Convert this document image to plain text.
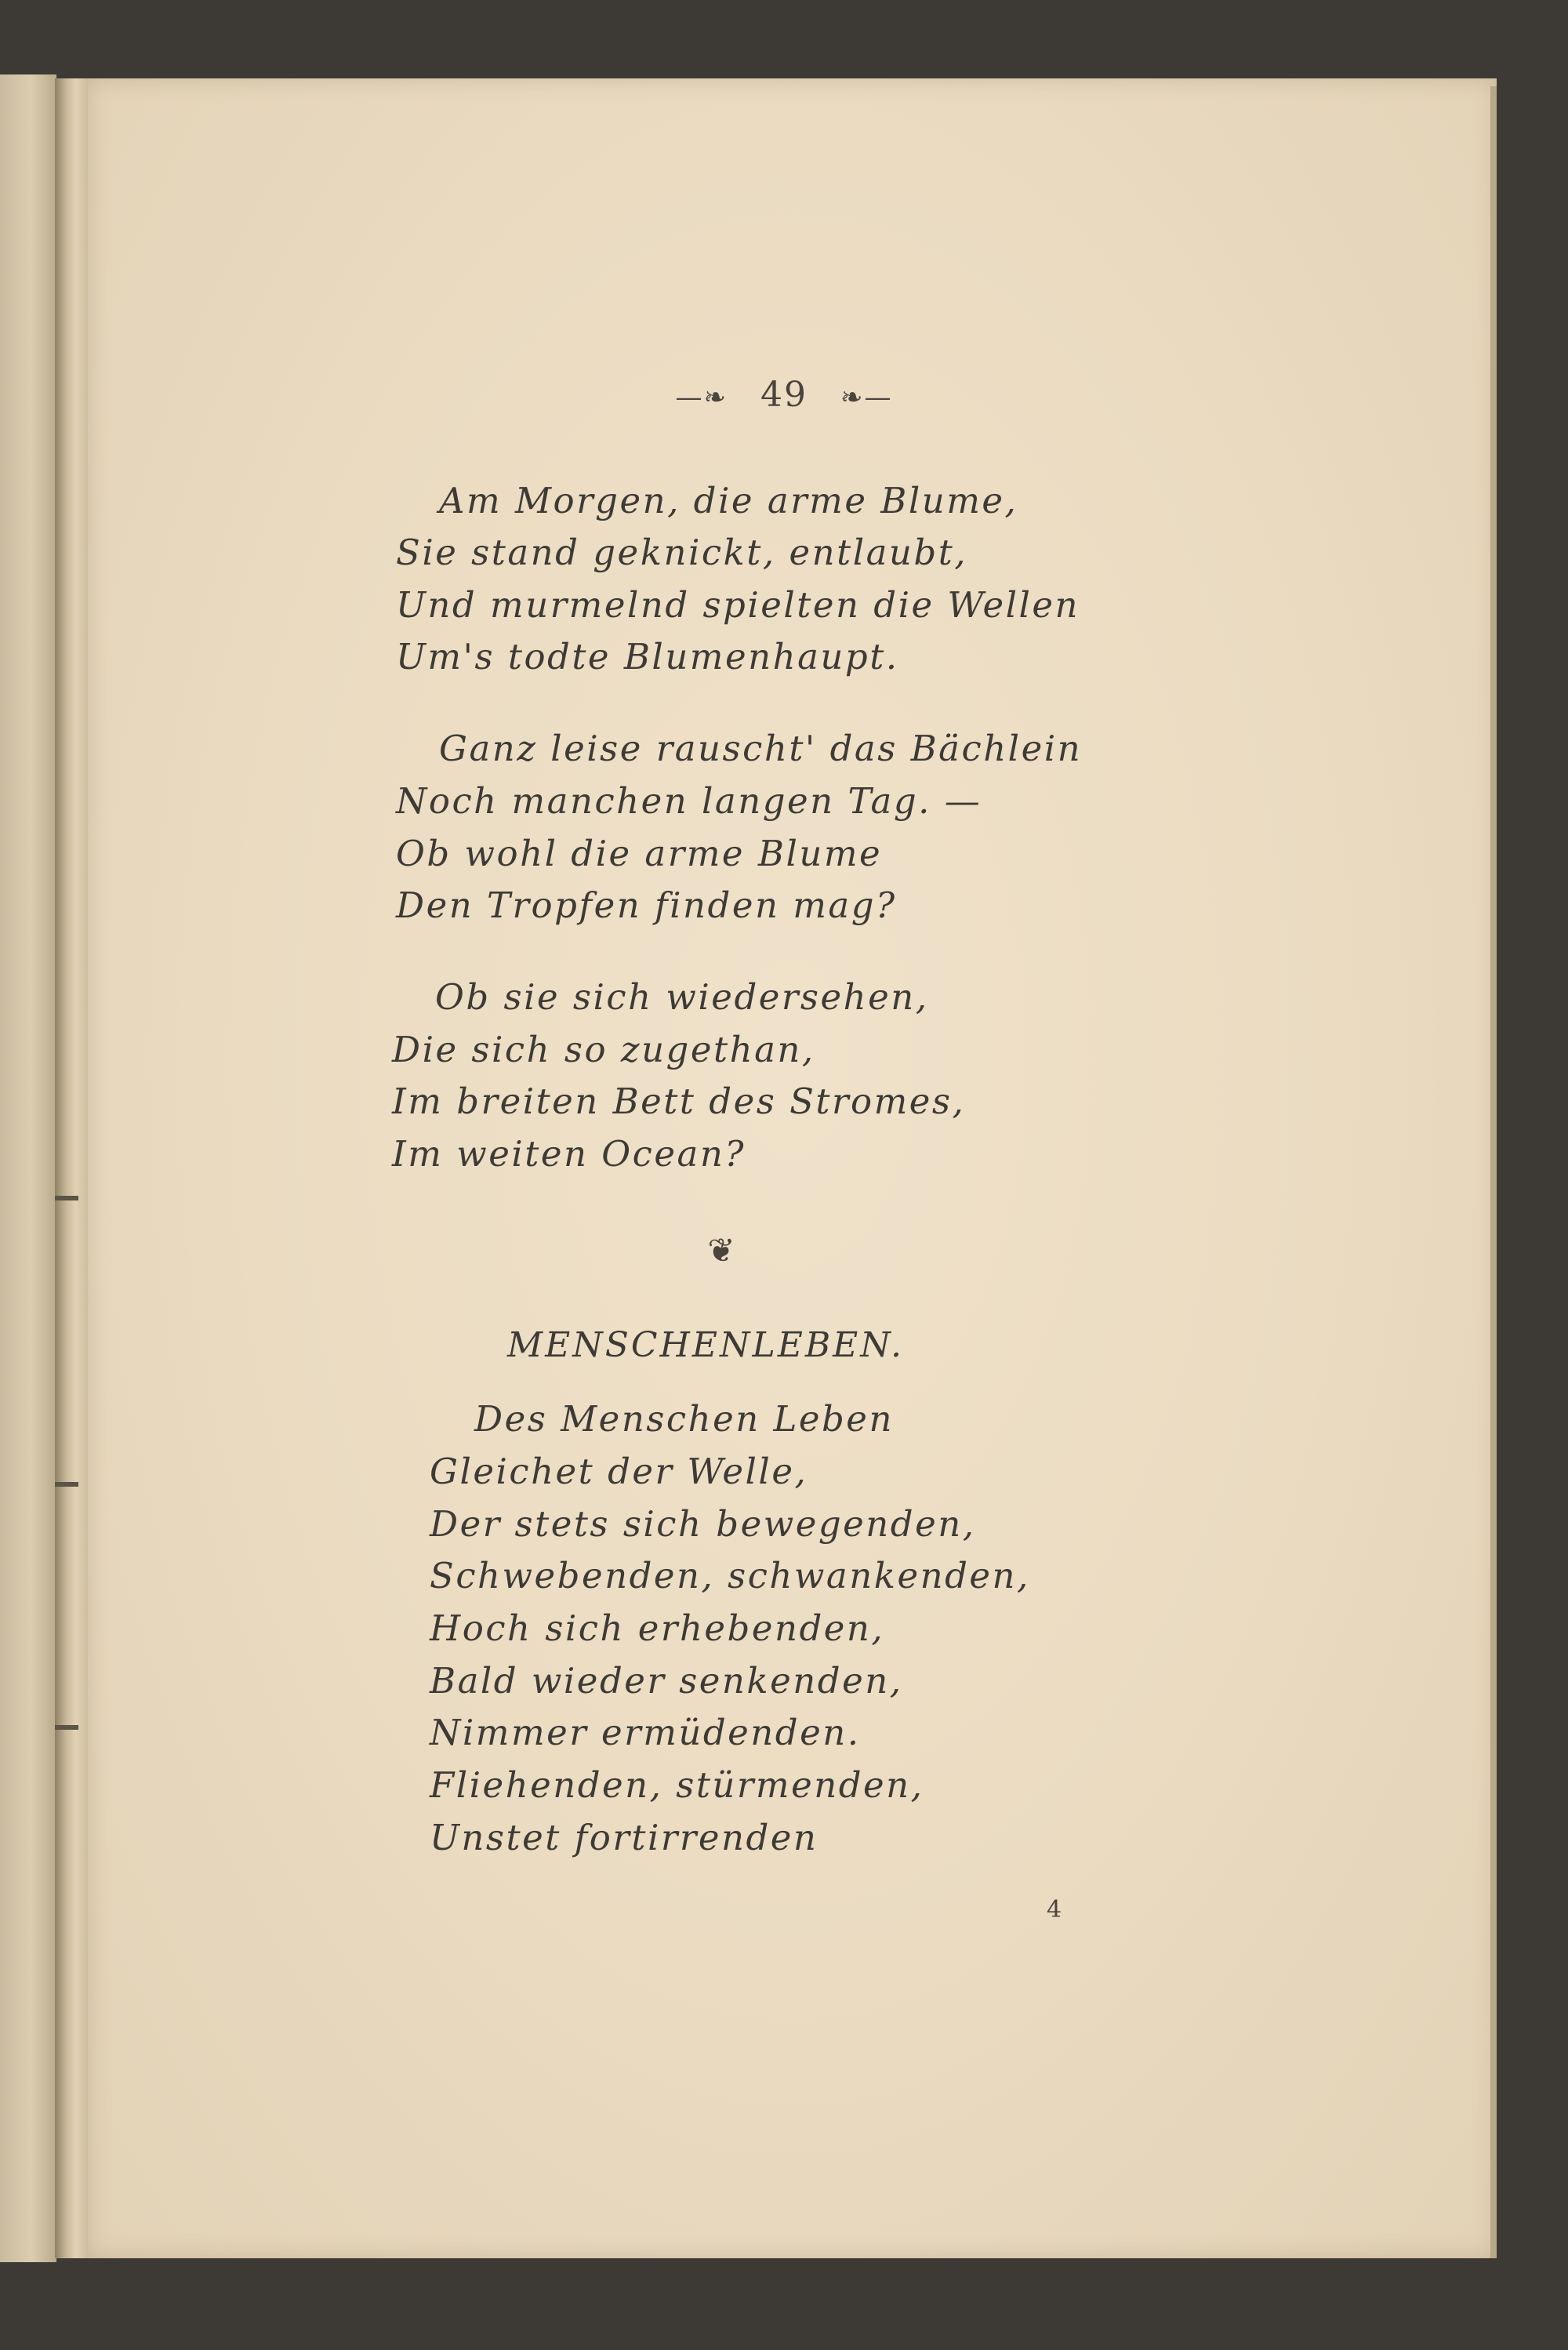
—❧ 49 ❧—
Am Morgen, die arme Blume,
Sie stand geknickt, entlaubt,
Und murmelnd spielten die Wellen
Um's todte Blumenhaupt.
Ganz leise rauscht' das Bächlein
Noch manchen langen Tag. —
Ob wohl die arme Blume
Den Tropfen finden mag?
Ob sie sich wiedersehen,
Die sich so zugethan,
Im breiten Bett des Stromes,
Im weiten Ocean?
❦
MENSCHENLEBEN.
Des Menschen Leben
Gleichet der Welle,
Der stets sich bewegenden,
Schwebenden, schwankenden,
Hoch sich erhebenden,
Bald wieder senkenden,
Nimmer ermüdenden.
Fliehenden, stürmenden,
Unstet fortirrenden
4
